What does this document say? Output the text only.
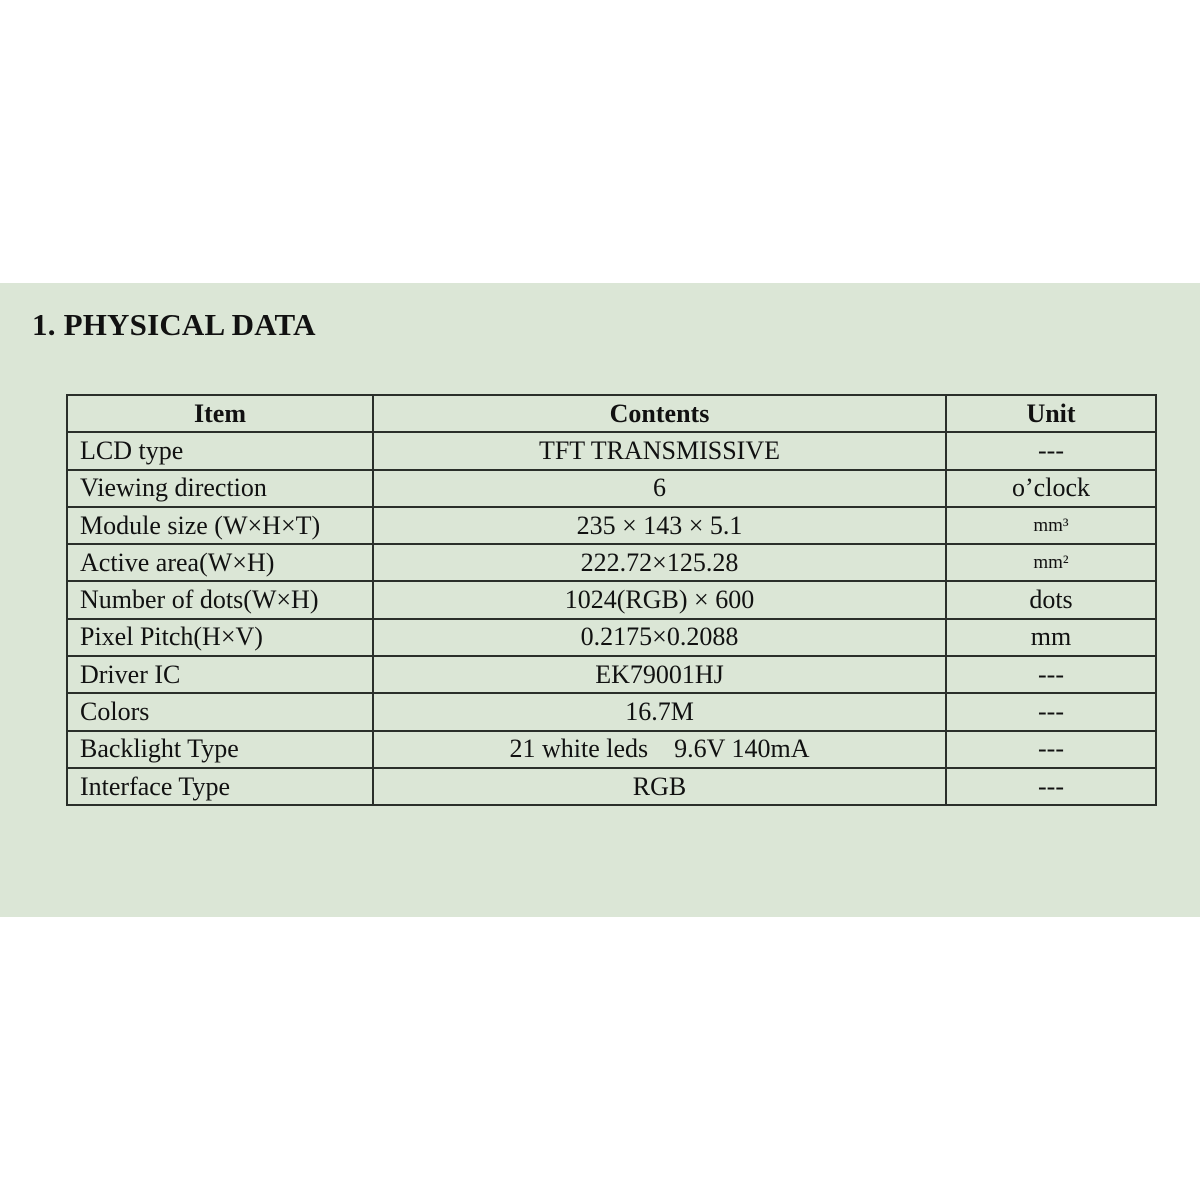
1. PHYSICAL DATA
Item	Contents	Unit
LCD type	TFT TRANSMISSIVE	---
Viewing direction	6	o’clock
Module size (W×H×T)	235 × 143 × 5.1	mm³
Active area(W×H)	222.72×125.28	mm²
Number of dots(W×H)	1024(RGB) × 600	dots
Pixel Pitch(H×V)	0.2175×0.2088	mm
Driver IC	EK79001HJ	---
Colors	16.7M	---
Backlight Type	21 white leds    9.6V 140mA	---
Interface Type	RGB	---
